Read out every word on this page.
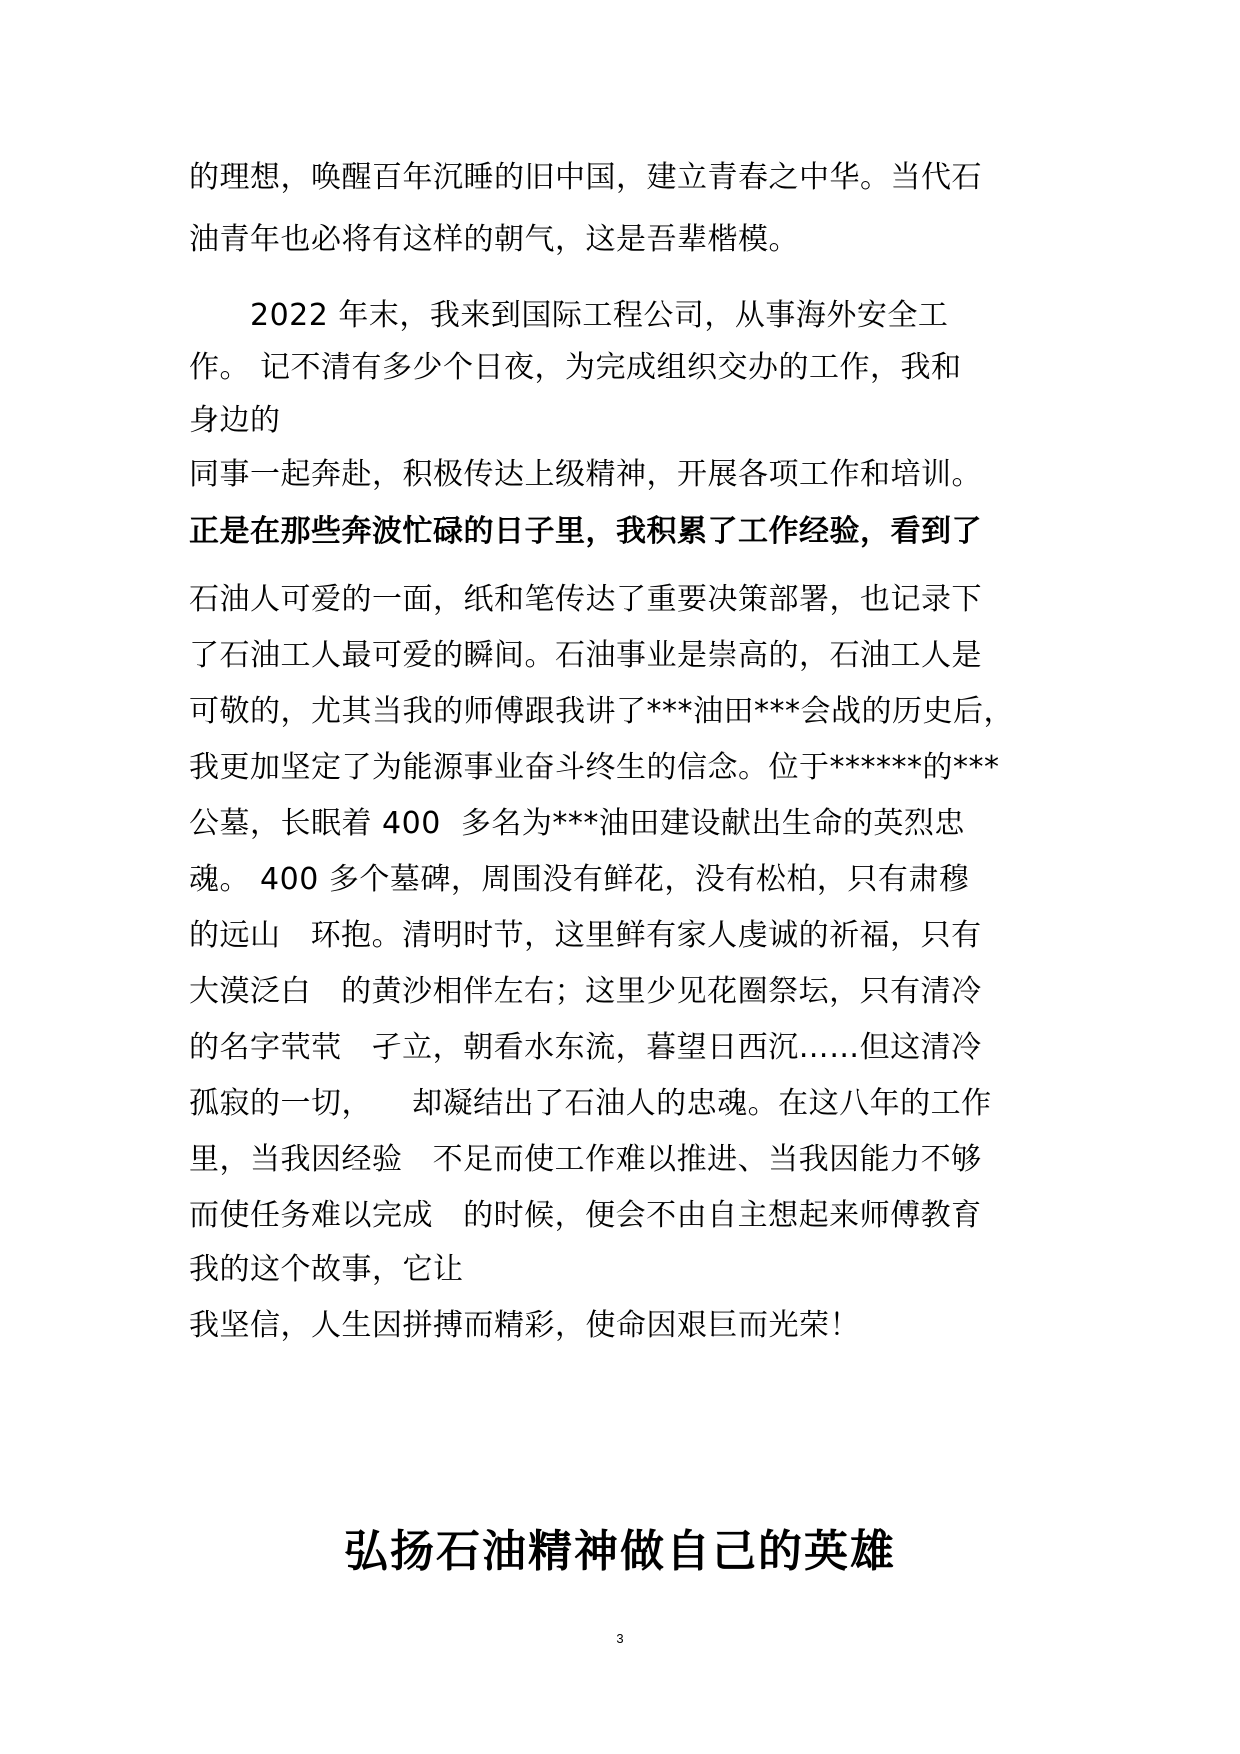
的理想，唤醒百年沉睡的旧中国，建立青春之中华。当代石
油青年也必将有这样的朝气，这是吾辈楷模。
　　2022 年末，我来到国际工程公司，从事海外安全工
作。 记不清有多少个日夜，为完成组织交办的工作，我和
身边的
同事一起奔赴，积极传达上级精神，开展各项工作和培训。
正是在那些奔波忙碌的日子里，我积累了工作经验，看到了
石油人可爱的一面，纸和笔传达了重要决策部署，也记录下
了石油工人最可爱的瞬间。石油事业是崇高的，石油工人是
可敬的，尤其当我的师傅跟我讲了***油田***会战的历史后，
我更加坚定了为能源事业奋斗终生的信念。位于******的***
公墓，长眠着 400  多名为***油田建设献出生命的英烈忠
魂。 400 多个墓碑，周围没有鲜花，没有松柏，只有肃穆
的远山   环抱。清明时节，这里鲜有家人虔诚的祈福，只有
大漠泛白   的黄沙相伴左右；这里少见花圈祭坛，只有清冷
的名字茕茕   孑立，朝看水东流，暮望日西沉……但这清冷
孤寂的一切，    却凝结出了石油人的忠魂。在这八年的工作
里，当我因经验   不足而使工作难以推进、当我因能力不够
而使任务难以完成   的时候，便会不由自主想起来师傅教育
我的这个故事，它让
我坚信，人生因拼搏而精彩，使命因艰巨而光荣！
弘扬石油精神做自己的英雄
3
